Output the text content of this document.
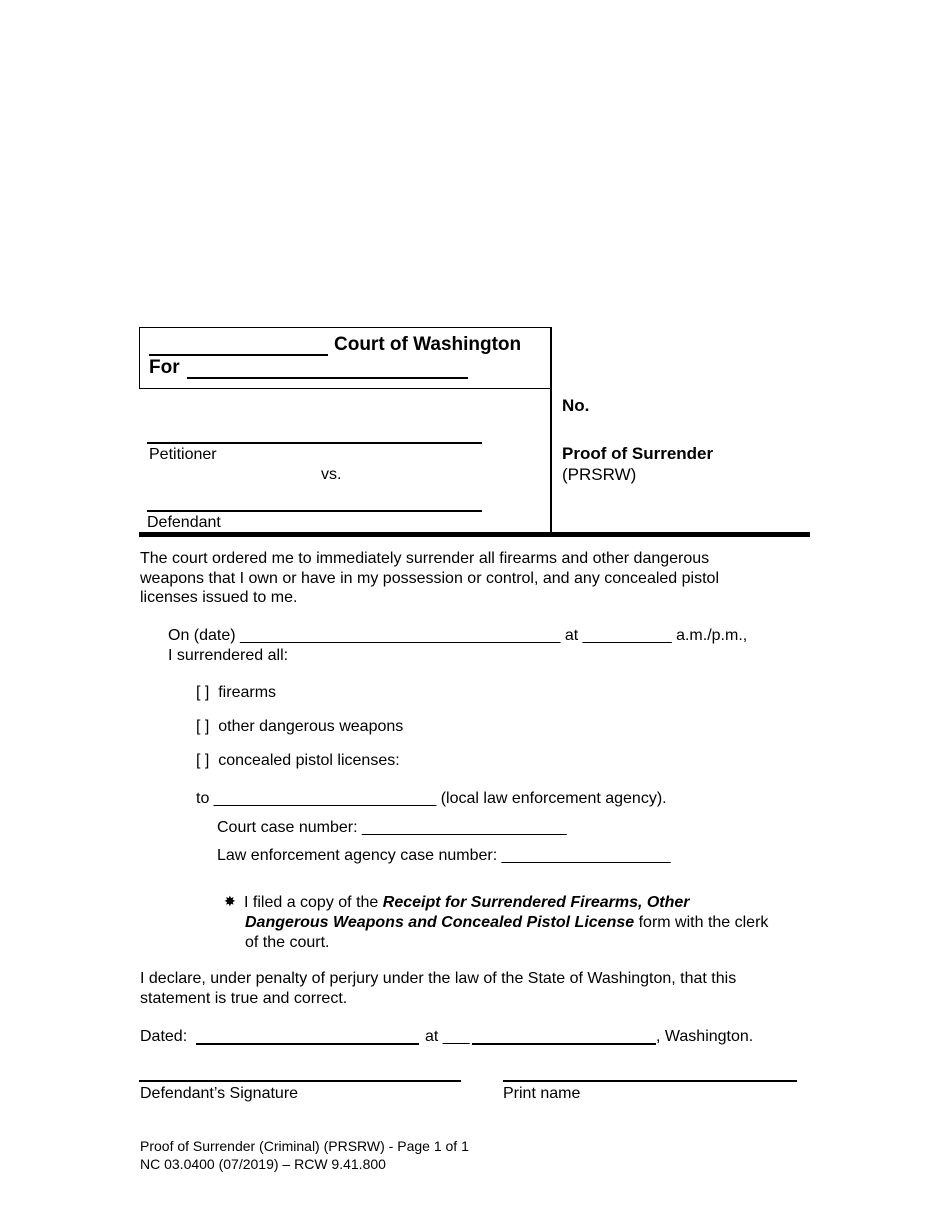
Court of Washington
For
Petitioner
vs.
Defendant
No.
Proof of Surrender
(PRSRW)
The court ordered me to immediately surrender all firearms and other dangerous
weapons that I own or have in my possession or control, and any concealed pistol
licenses issued to me.
On (date) ____________________________________ at __________ a.m./p.m.,
I surrendered all:
[ ] firearms
[ ] other dangerous weapons
[ ] concealed pistol licenses:
to _________________________ (local law enforcement agency).
Court case number: _______________________
Law enforcement agency case number: ___________________
✸ I filed a copy of the Receipt for Surrendered Firearms, Other
Dangerous Weapons and Concealed Pistol License form with the clerk
of the court.
I declare, under penalty of perjury under the law of the State of Washington, that this
statement is true and correct.
Dated:	at ___	, Washington.
Defendant’s Signature	Print name
Proof of Surrender (Criminal) (PRSRW) - Page 1 of 1
NC 03.0400 (07/2019) – RCW 9.41.800
